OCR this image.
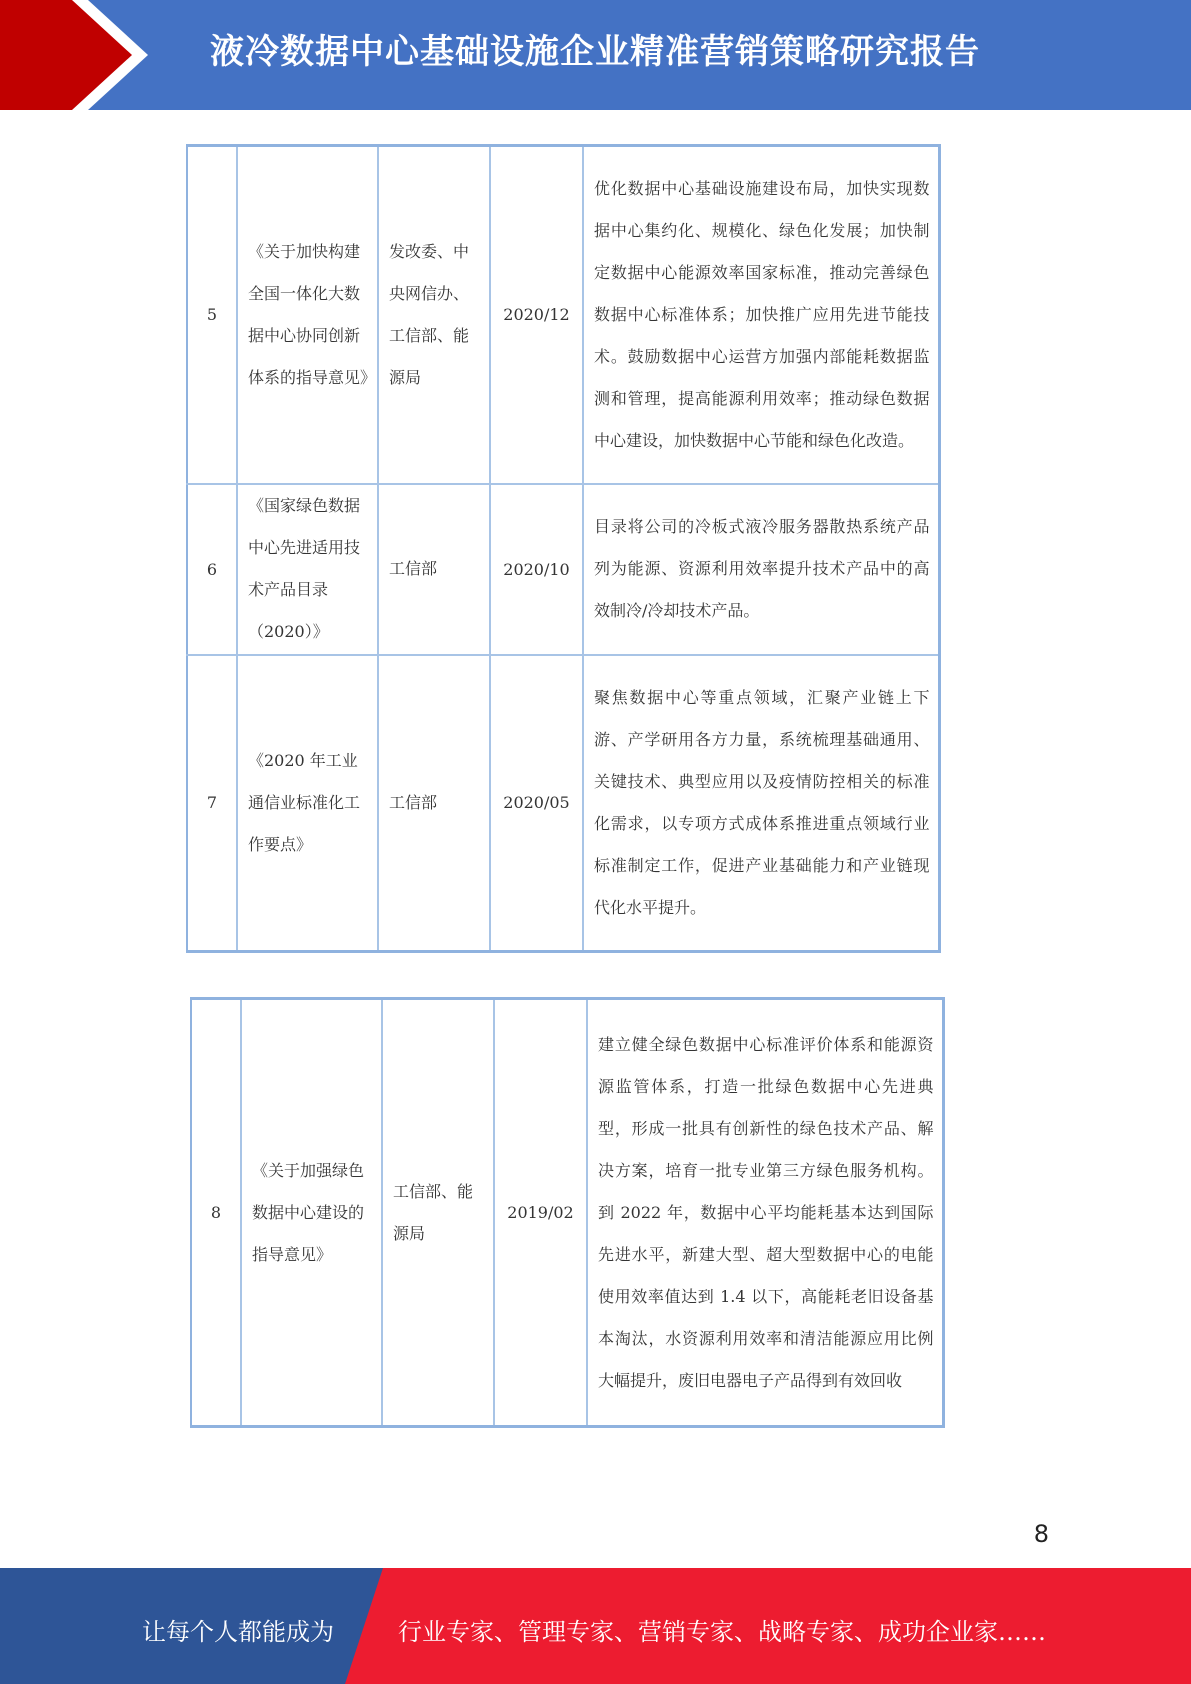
液冷数据中心基础设施企业精准营销策略研究报告
5	《关于加快构建全国一体化大数据中心协同创新体系的指导意见》	发改委、中央网信办、工信部、能源局	2020/12	优化数据中心基础设施建设布局，加快实现数据中心集约化、规模化、绿色化发展；加快制定数据中心能源效率国家标准，推动完善绿色数据中心标准体系；加快推广应用先进节能技术。鼓励数据中心运营方加强内部能耗数据监测和管理，提高能源利用效率；推动绿色数据中心建设，加快数据中心节能和绿色化改造。
6	《国家绿色数据中心先进适用技术产品目录（2020）》	工信部	2020/10	目录将公司的冷板式液冷服务器散热系统产品列为能源、资源利用效率提升技术产品中的高效制冷/冷却技术产品。
7	《2020 年工业通信业标准化工作要点》	工信部	2020/05	聚焦数据中心等重点领域，汇聚产业链上下游、产学研用各方力量，系统梳理基础通用、关键技术、典型应用以及疫情防控相关的标准化需求，以专项方式成体系推进重点领域行业标准制定工作，促进产业基础能力和产业链现代化水平提升。
8	《关于加强绿色数据中心建设的指导意见》	工信部、能源局	2019/02	建立健全绿色数据中心标准评价体系和能源资源监管体系，打造一批绿色数据中心先进典型，形成一批具有创新性的绿色技术产品、解决方案，培育一批专业第三方绿色服务机构。到 2022 年，数据中心平均能耗基本达到国际先进水平，新建大型、超大型数据中心的电能使用效率值达到 1.4 以下，高能耗老旧设备基本淘汰，水资源利用效率和清洁能源应用比例大幅提升，废旧电器电子产品得到有效回收
8
让每个人都能成为	行业专家、管理专家、营销专家、战略专家、成功企业家……
